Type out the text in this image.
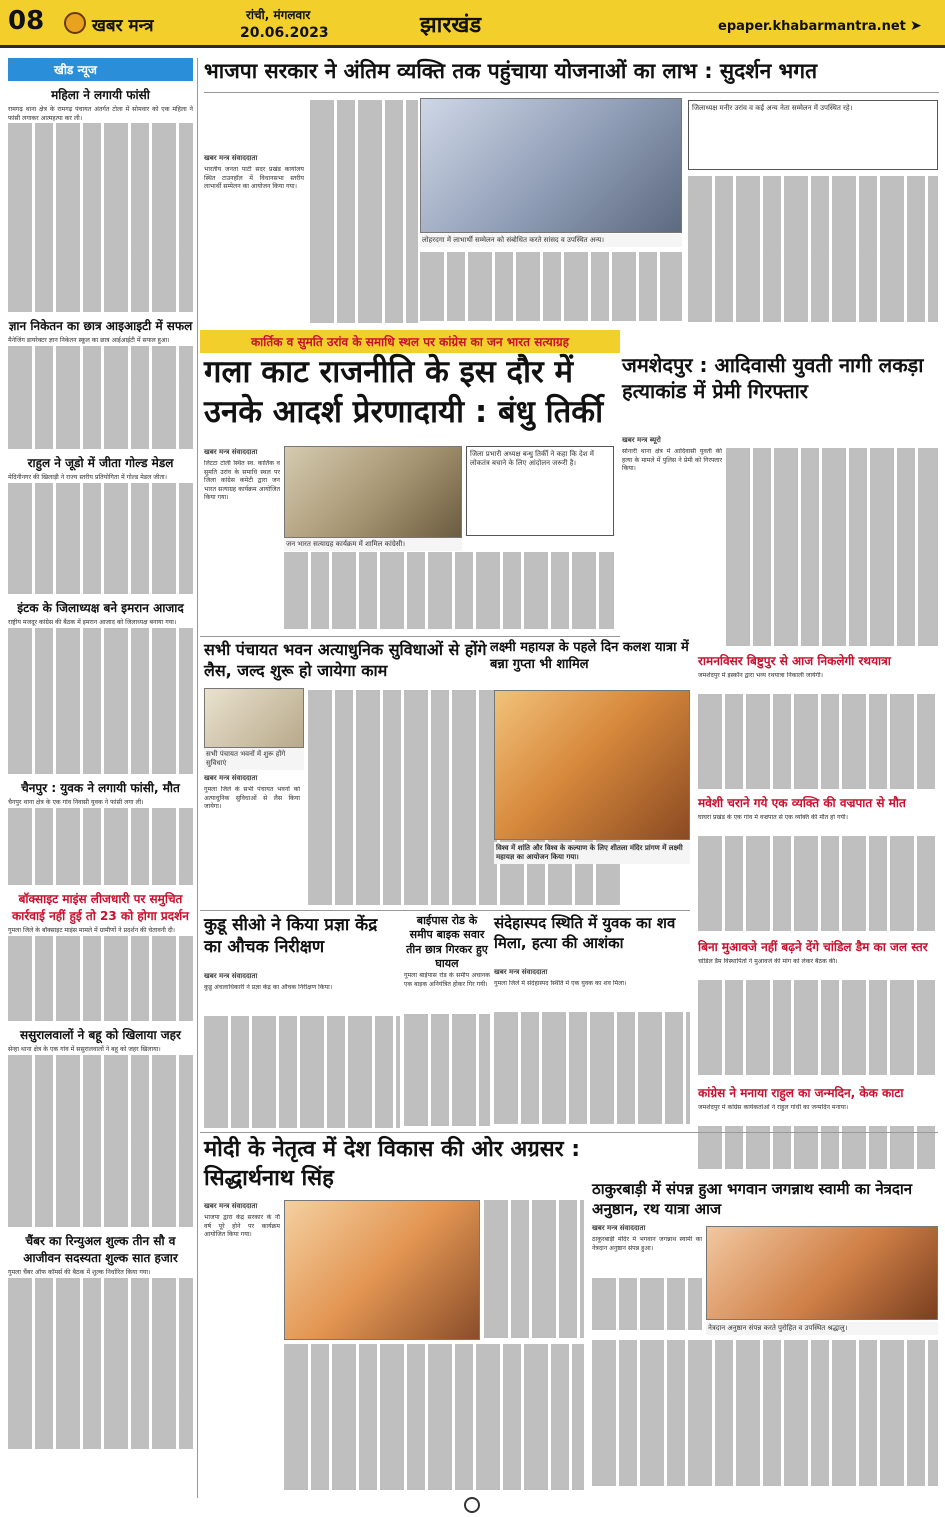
08	खबर मन्त्र
रांची, मंगलवार
20.06.2023	झारखंड	epaper.khabarmantra.net ➤
खीड न्यूज
महिला ने लगायी फांसी
रामगढ़ थाना क्षेत्र के रामगढ़ पंचायत अंतर्गत टोला में सोमवार को एक महिला ने फांसी लगाकर आत्महत्या कर ली।
ज्ञान निकेतन का छात्र आइआइटी में सफल
मैनेजिंग डायरेक्टर ज्ञान निकेतन स्कूल का छात्र आईआईटी में सफल हुआ।
राहुल ने जूडो में जीता गोल्ड मेडल
मेदिनीनगर की खिलाड़ी ने राज्य स्तरीय प्रतियोगिता में गोल्ड मेडल जीता।
इंटक के जिलाध्यक्ष बने इमरान आजाद
राष्ट्रीय मजदूर कांग्रेस की बैठक में इमरान आजाद को जिलाध्यक्ष बनाया गया।
चैनपुर : युवक ने लगायी फांसी, मौत
चैनपुर थाना क्षेत्र के एक गांव निवासी युवक ने फांसी लगा ली।
बॉक्साइट माइंस लीजधारी पर समुचित कार्रवाई नहीं हुई तो 23 को होगा प्रदर्शन
गुमला जिले के बॉक्साइट माइंस मामले में ग्रामीणों ने प्रदर्शन की चेतावनी दी।
ससुरालवालों ने बहू को खिलाया जहर
सेन्हा थाना क्षेत्र के एक गांव में ससुरालवालों ने बहू को जहर खिलाया।
चैंबर का रिन्युअल शुल्क तीन सौ व आजीवन सदस्यता शुल्क सात हजार
गुमला चैंबर ऑफ कॉमर्स की बैठक में शुल्क निर्धारित किया गया।
भाजपा सरकार ने अंतिम व्यक्ति तक पहुंचाया योजनाओं का लाभ : सुदर्शन भगत
खबर मन्त्र संवाददाता
भारतीय जनता पार्टी सदर प्रखंड कार्यालय स्थित टाउनहॉल में विधानसभा स्तरीय लाभार्थी सम्मेलन का आयोजन किया गया।
लोहरदगा में लाभार्थी सम्मेलन को संबोधित करते सांसद व उपस्थित अन्य।
जिलाध्यक्ष मनीर उरांव व कई अन्य नेता सम्मेलन में उपस्थित रहे।
कार्तिक व सुमति उरांव के समाधि स्थल पर कांग्रेस का जन भारत सत्याग्रह
गला काट राजनीति के इस दौर में उनके आदर्श प्रेरणादायी : बंधु तिर्की
खबर मन्त्र संवाददाता
लिटटा टोली स्थित स्व. कार्तिक व सुमति उरांव के समाधि स्थल पर जिला कांग्रेस कमेटी द्वारा जन भारत सत्याग्रह कार्यक्रम आयोजित किया गया।
जन भारत सत्याग्रह कार्यक्रम में शामिल कांग्रेसी।
जिला प्रभारी अध्यक्ष बन्धु तिर्की ने कहा कि देश में लोकतंत्र बचाने के लिए आंदोलन जरूरी है।
जमशेदपुर : आदिवासी युवती नागी लकड़ा हत्याकांड में प्रेमी गिरफ्तार
खबर मन्त्र ब्यूरो
सोनारी थाना क्षेत्र में आदिवासी युवती की हत्या के मामले में पुलिस ने प्रेमी को गिरफ्तार किया।
सभी पंचायत भवन अत्याधुनिक सुविधाओं से होंगे लैस, जल्द शुरू हो जायेगा काम
सभी पंचायत भवनों में शुरू होंगे सुविधाएं
खबर मन्त्र संवाददाता
गुमला जिले के सभी पंचायत भवनों को अत्याधुनिक सुविधाओं से लैस किया जायेगा।
लक्ष्मी महायज्ञ के पहले दिन कलश यात्रा में बन्ना गुप्ता भी शामिल
विश्व में शांति और विश्व के कल्याण के लिए शीतला मंदिर प्रांगण में लक्ष्मी महायज्ञ का आयोजन किया गया।
रामनविसर बिष्टुपुर से आज निकलेगी रथयात्रा
जमशेदपुर में इस्कॉन द्वारा भव्य रथयात्रा निकाली जायेगी।
मवेशी चराने गये एक व्यक्ति की वज्रपात से मौत
घाघरा प्रखंड के एक गांव में वज्रपात से एक व्यक्ति की मौत हो गयी।
बिना मुआवजे नहीं बढ़ने देंगे चांडिल डैम का जल स्तर
चांडिल डैम विस्थापितों ने मुआवजे की मांग को लेकर बैठक की।
कांग्रेस ने मनाया राहुल का जन्मदिन, केक काटा
जमशेदपुर में कांग्रेस कार्यकर्ताओं ने राहुल गांधी का जन्मदिन मनाया।
कुडू सीओ ने किया प्रज्ञा केंद्र का औचक निरीक्षण
खबर मन्त्र संवाददाता
कुडू अंचलाधिकारी ने प्रज्ञा केंद्र का औचक निरीक्षण किया।
बाईपास रोड के समीप बाइक सवार तीन छात्र गिरकर हुए घायल
गुमला बाईपास रोड के समीप अचानक एक बाइक अनियंत्रित होकर गिर गयी।
संदेहास्पद स्थिति में युवक का शव मिला, हत्या की आशंका
खबर मन्त्र संवाददाता
गुमला जिले में संदेहास्पद स्थिति में एक युवक का शव मिला।
मोदी के नेतृत्व में देश विकास की ओर अग्रसर : सिद्धार्थनाथ सिंह
खबर मन्त्र संवाददाता
भाजपा द्वारा केंद्र सरकार के नौ वर्ष पूरे होने पर कार्यक्रम आयोजित किया गया।
ठाकुरबाड़ी में संपन्न हुआ भगवान जगन्नाथ स्वामी का नेत्रदान अनुष्ठान, रथ यात्रा आज
खबर मन्त्र संवाददाता
ठाकुरबाड़ी मंदिर में भगवान जगन्नाथ स्वामी का नेत्रदान अनुष्ठान संपन्न हुआ।
नेत्रदान अनुष्ठान संपन्न करते पुरोहित व उपस्थित श्रद्धालु।
